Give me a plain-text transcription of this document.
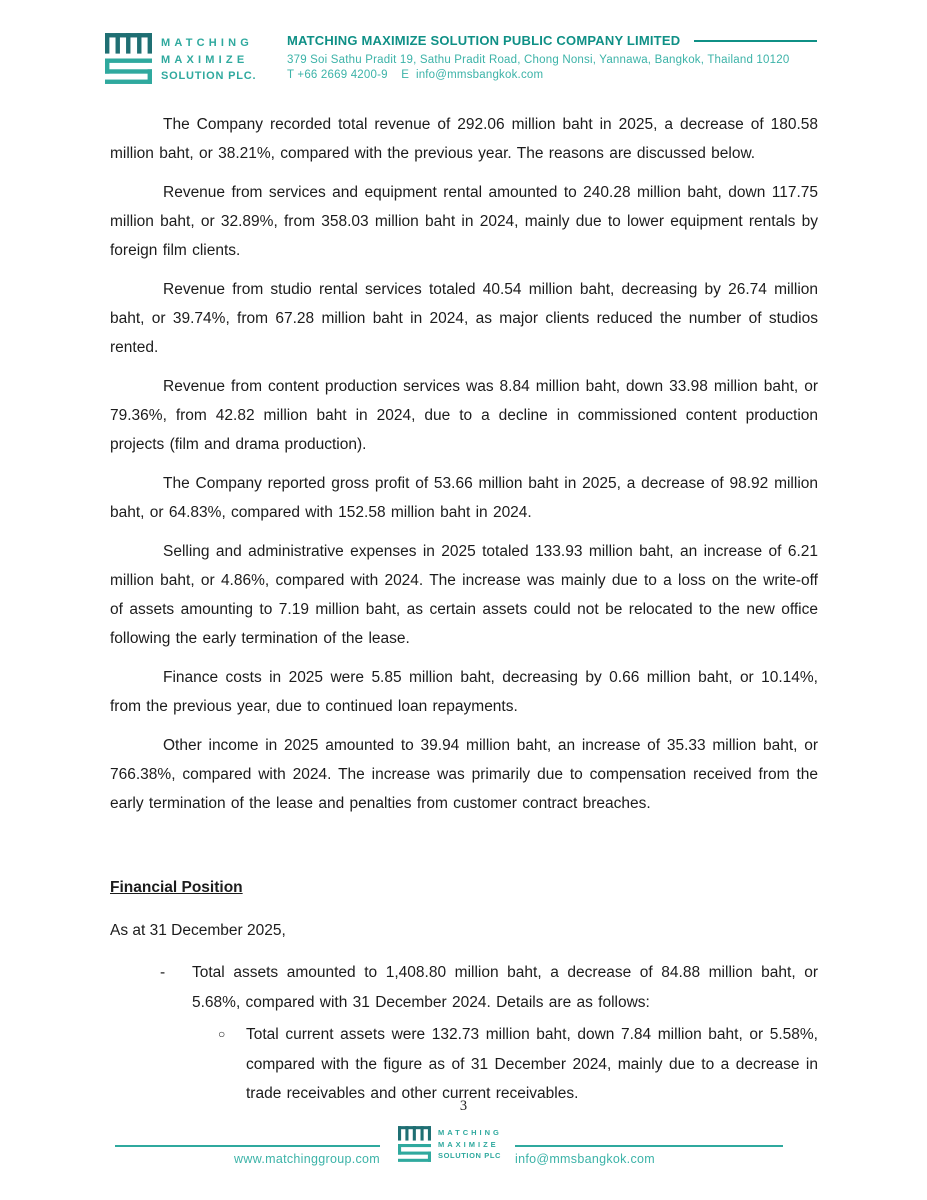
MATCHING
MAXIMIZE
SOLUTION PLC.
MATCHING MAXIMIZE SOLUTION PUBLIC COMPANY LIMITED
379 Soi Sathu Pradit 19, Sathu Pradit Road, Chong Nonsi, Yannawa, Bangkok, Thailand 10120
T +66 2669 4200-9    E  info@mmsbangkok.com

The Company recorded total revenue of 292.06 million baht in 2025, a decrease of 180.58 million baht, or 38.21%, compared with the previous year. The reasons are discussed below.

Revenue from services and equipment rental amounted to 240.28 million baht, down 117.75 million baht, or 32.89%, from 358.03 million baht in 2024, mainly due to lower equipment rentals by foreign film clients.

Revenue from studio rental services totaled 40.54 million baht, decreasing by 26.74 million baht, or 39.74%, from 67.28 million baht in 2024, as major clients reduced the number of studios rented.

Revenue from content production services was 8.84 million baht, down 33.98 million baht, or 79.36%, from 42.82 million baht in 2024, due to a decline in commissioned content production projects (film and drama production).

The Company reported gross profit of 53.66 million baht in 2025, a decrease of 98.92 million baht, or 64.83%, compared with 152.58 million baht in 2024.

Selling and administrative expenses in 2025 totaled 133.93 million baht, an increase of 6.21 million baht, or 4.86%, compared with 2024. The increase was mainly due to a loss on the write-off of assets amounting to 7.19 million baht, as certain assets could not be relocated to the new office following the early termination of the lease.

Finance costs in 2025 were 5.85 million baht, decreasing by 0.66 million baht, or 10.14%, from the previous year, due to continued loan repayments.

Other income in 2025 amounted to 39.94 million baht, an increase of 35.33 million baht, or 766.38%, compared with 2024. The increase was primarily due to compensation received from the early termination of the lease and penalties from customer contract breaches.

Financial Position

As at 31 December 2025,

-	Total assets amounted to 1,408.80 million baht, a decrease of 84.88 million baht, or 5.68%, compared with 31 December 2024. Details are as follows:
○	Total current assets were 132.73 million baht, down 7.84 million baht, or 5.58%, compared with the figure as of 31 December 2024, mainly due to a decrease in trade receivables and other current receivables.
3
www.matchinggroup.com	info@mmsbangkok.com
MATCHING
MAXIMIZE
SOLUTION PLC
